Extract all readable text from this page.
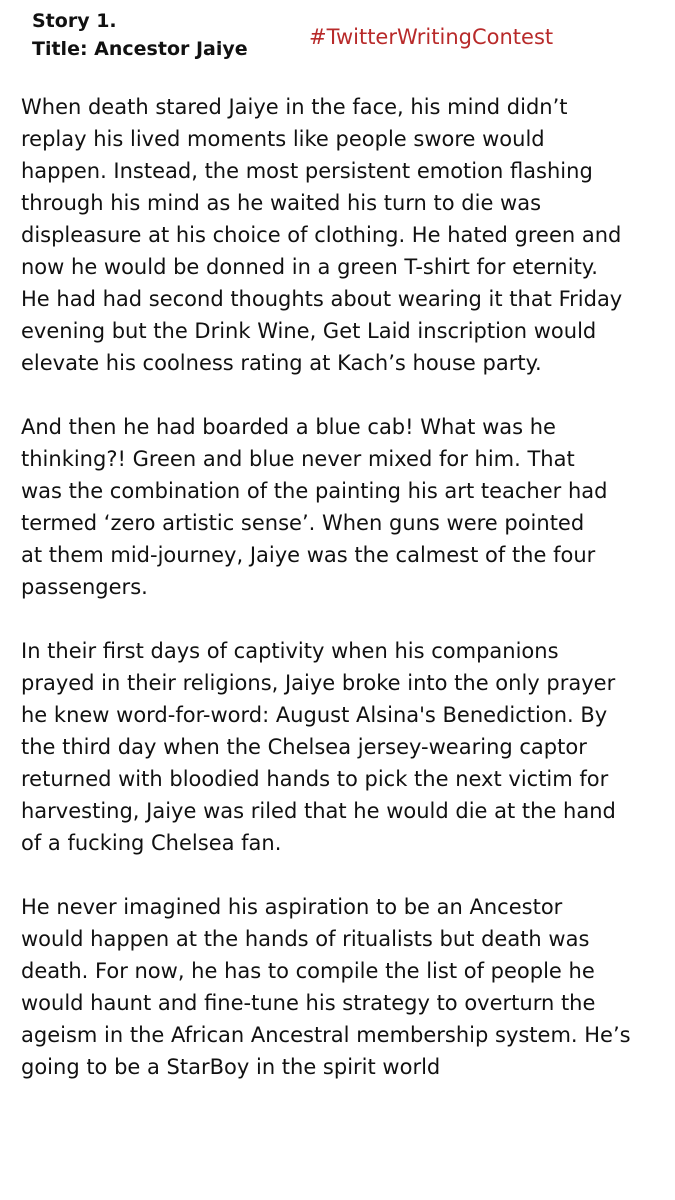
Story 1.
Title: Ancestor Jaiye	#TwitterWritingContest
When death stared Jaiye in the face, his mind didn’t
replay his lived moments like people swore would
happen. Instead, the most persistent emotion flashing
through his mind as he waited his turn to die was
displeasure at his choice of clothing. He hated green and
now he would be donned in a green T-shirt for eternity.
He had had second thoughts about wearing it that Friday
evening but the Drink Wine, Get Laid inscription would
elevate his coolness rating at Kach’s house party.
And then he had boarded a blue cab! What was he
thinking?! Green and blue never mixed for him. That
was the combination of the painting his art teacher had
termed ‘zero artistic sense’. When guns were pointed
at them mid-journey, Jaiye was the calmest of the four
passengers.
In their first days of captivity when his companions
prayed in their religions, Jaiye broke into the only prayer
he knew word-for-word: August Alsina's Benediction. By
the third day when the Chelsea jersey-wearing captor
returned with bloodied hands to pick the next victim for
harvesting, Jaiye was riled that he would die at the hand
of a fucking Chelsea fan.
He never imagined his aspiration to be an Ancestor
would happen at the hands of ritualists but death was
death. For now, he has to compile the list of people he
would haunt and fine-tune his strategy to overturn the
ageism in the African Ancestral membership system. He’s
going to be a StarBoy in the spirit world
